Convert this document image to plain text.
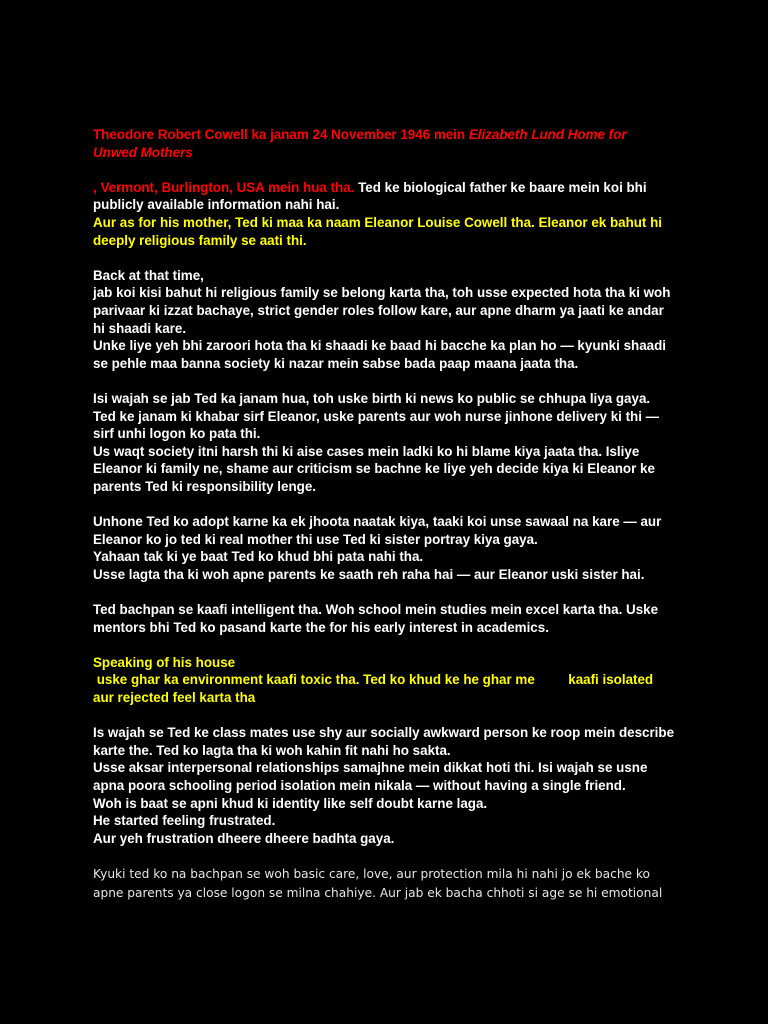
Theodore Robert Cowell ka janam 24 November 1946 mein Elizabeth Lund Home for
Unwed Mothers
, Vermont, Burlington, USA mein hua tha. Ted ke biological father ke baare mein koi bhi
publicly available information nahi hai.
Aur as for his mother, Ted ki maa ka naam Eleanor Louise Cowell tha. Eleanor ek bahut hi
deeply religious family se aati thi.
Back at that time,
jab koi kisi bahut hi religious family se belong karta tha, toh usse expected hota tha ki woh
parivaar ki izzat bachaye, strict gender roles follow kare, aur apne dharm ya jaati ke andar
hi shaadi kare.
Unke liye yeh bhi zaroori hota tha ki shaadi ke baad hi bacche ka plan ho — kyunki shaadi
se pehle maa banna society ki nazar mein sabse bada paap maana jaata tha.
Isi wajah se jab Ted ka janam hua, toh uske birth ki news ko public se chhupa liya gaya.
Ted ke janam ki khabar sirf Eleanor, uske parents aur woh nurse jinhone delivery ki thi —
sirf unhi logon ko pata thi.
Us waqt society itni harsh thi ki aise cases mein ladki ko hi blame kiya jaata tha. Isliye
Eleanor ki family ne, shame aur criticism se bachne ke liye yeh decide kiya ki Eleanor ke
parents Ted ki responsibility lenge.
Unhone Ted ko adopt karne ka ek jhoota naatak kiya, taaki koi unse sawaal na kare — aur
Eleanor ko jo ted ki real mother thi use Ted ki sister portray kiya gaya.
Yahaan tak ki ye baat Ted ko khud bhi pata nahi tha.
Usse lagta tha ki woh apne parents ke saath reh raha hai — aur Eleanor uski sister hai.
Ted bachpan se kaafi intelligent tha. Woh school mein studies mein excel karta tha. Uske
mentors bhi Ted ko pasand karte the for his early interest in academics.
Speaking of his house
uske ghar ka environment kaafi toxic tha. Ted ko khud ke he ghar me         kaafi isolated
aur rejected feel karta tha
Is wajah se Ted ke class mates use shy aur socially awkward person ke roop mein describe
karte the. Ted ko lagta tha ki woh kahin fit nahi ho sakta.
Usse aksar interpersonal relationships samajhne mein dikkat hoti thi. Isi wajah se usne
apna poora schooling period isolation mein nikala — without having a single friend.
Woh is baat se apni khud ki identity like self doubt karne laga.
He started feeling frustrated.
Aur yeh frustration dheere dheere badhta gaya.
Kyuki ted ko na bachpan se woh basic care, love, aur protection mila hi nahi jo ek bache ko
apne parents ya close logon se milna chahiye. Aur jab ek bacha chhoti si age se hi emotional
